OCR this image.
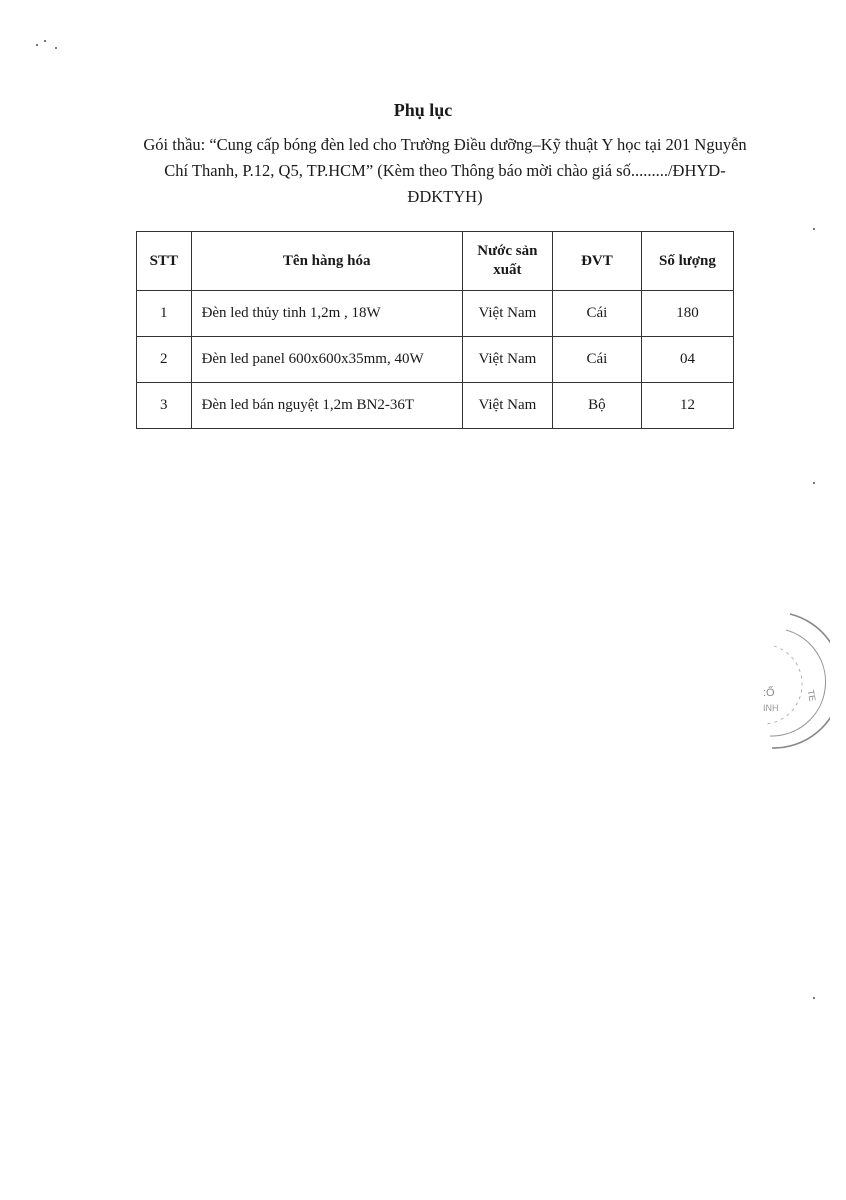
Phụ lục
Gói thầu: “Cung cấp bóng đèn led cho Trường Điều dưỡng–Kỹ thuật Y học tại 201 Nguyễn Chí Thanh, P.12, Q5, TP.HCM” (Kèm theo Thông báo mời chào giá số........./ĐHYD-ĐDKTYH)
STT	Tên hàng hóa	Nước sản xuất	ĐVT	Số lượng
1	Đèn led thủy tinh 1,2m , 18W	Việt Nam	Cái	180
2	Đèn led panel 600x600x35mm, 40W	Việt Nam	Cái	04
3	Đèn led bán nguyệt 1,2m BN2-36T	Việt Nam	Bộ	12
:Ố
INH
TE
